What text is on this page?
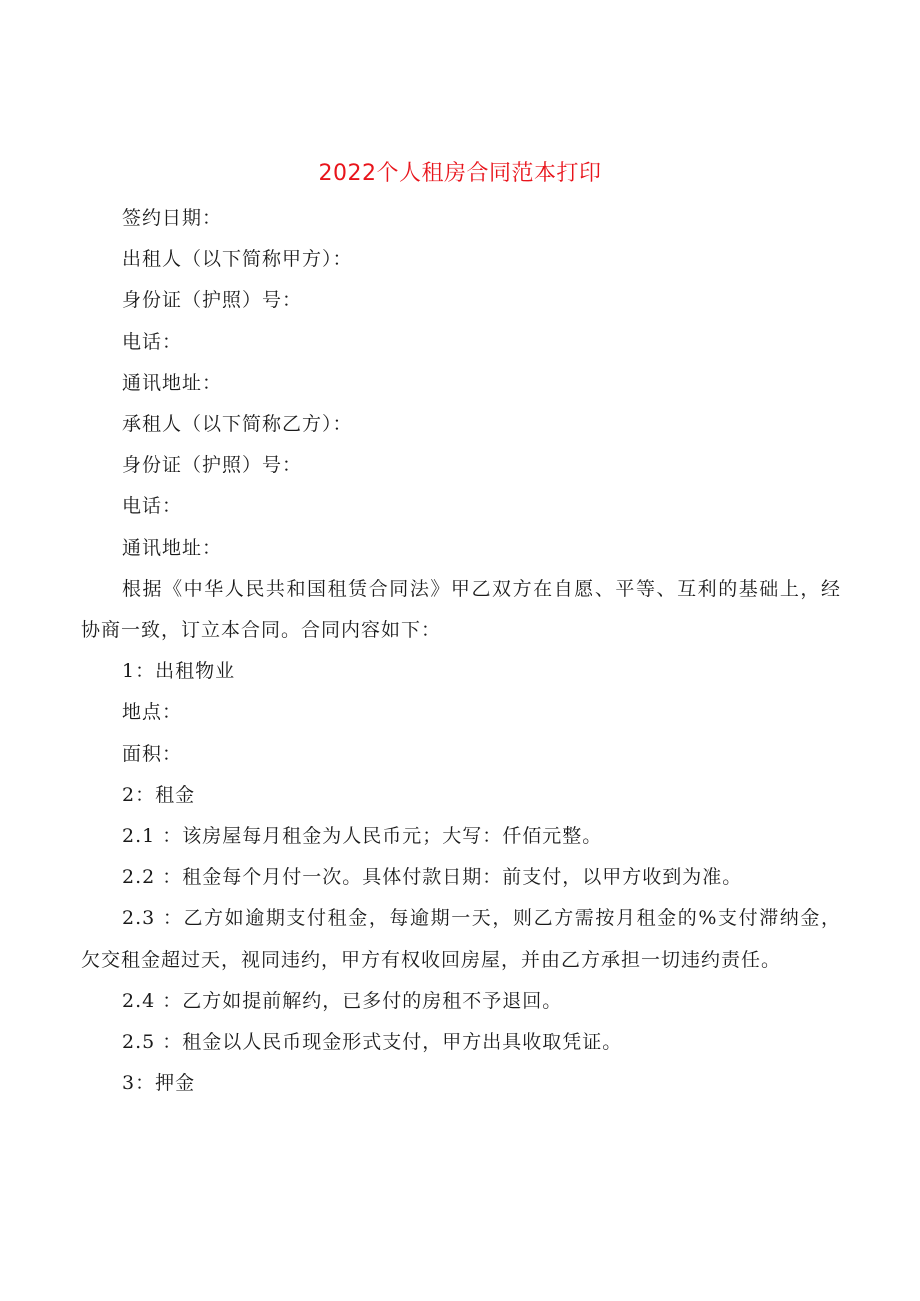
2022个人租房合同范本打印

签约日期：

出租人（以下简称甲方）：

身份证（护照）号：

电话：

通讯地址：

承租人（以下简称乙方）：

身份证（护照）号：

电话：

通讯地址：

根据《中华人民共和国租赁合同法》甲乙双方在自愿、平等、互利的基础上，经协商一致，订立本合同。合同内容如下：

1：出租物业

地点：

面积：

2：租金

2.1 ：该房屋每月租金为人民币元；大写：仟佰元整。

2.2 ：租金每个月付一次。具体付款日期：前支付，以甲方收到为准。

2.3 ：乙方如逾期支付租金，每逾期一天，则乙方需按月租金的%支付滞纳金，欠交租金超过天，视同违约，甲方有权收回房屋，并由乙方承担一切违约责任。

2.4 ：乙方如提前解约，已多付的房租不予退回。

2.5 ：租金以人民币现金形式支付，甲方出具收取凭证。

3：押金
